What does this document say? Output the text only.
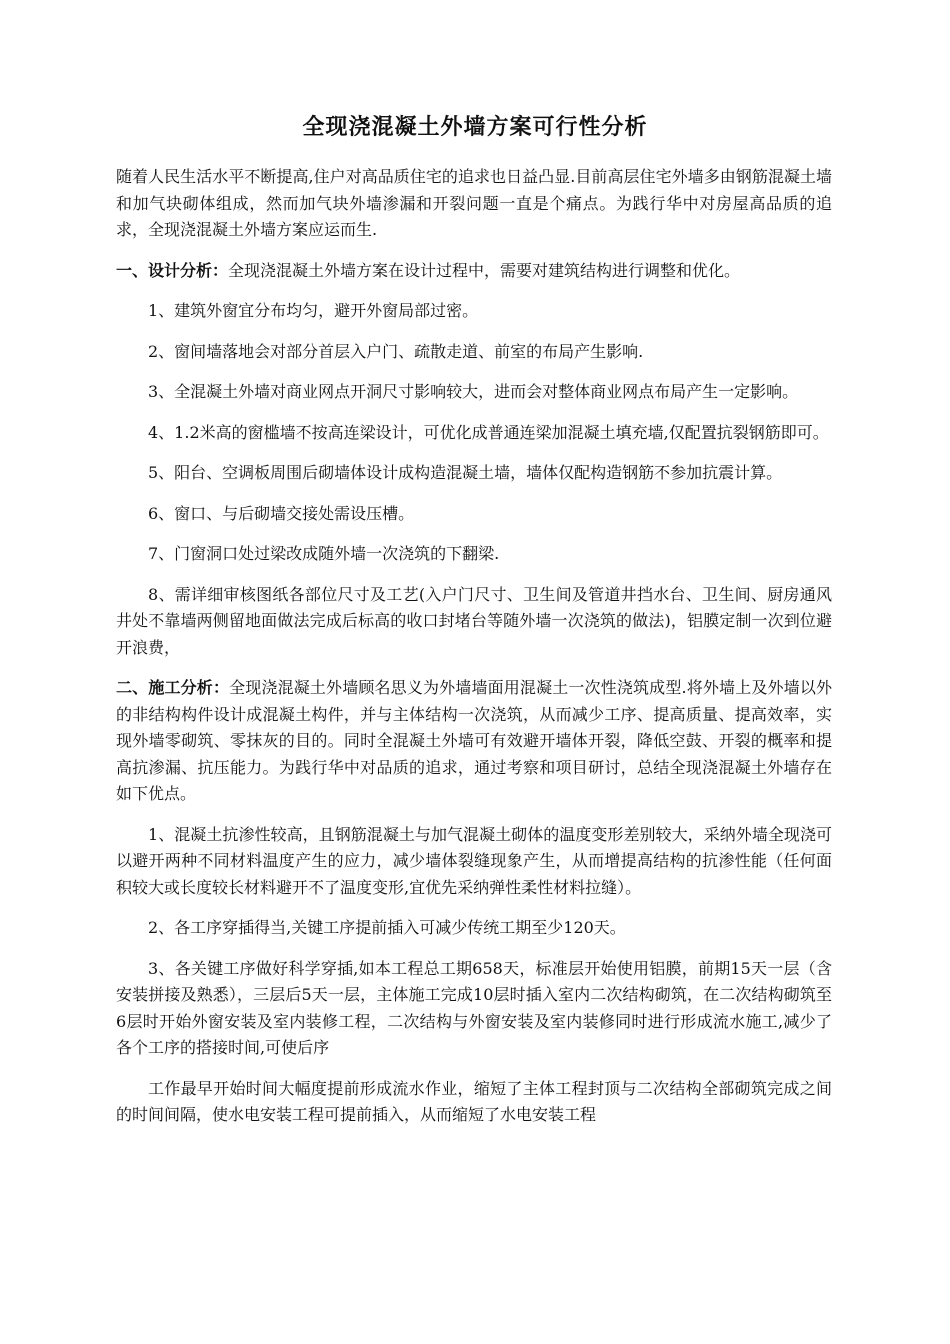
全现浇混凝土外墙方案可行性分析

随着人民生活水平不断提高,住户对高品质住宅的追求也日益凸显.目前高层住宅外墙多由钢筋混凝土墙和加气块砌体组成，然而加气块外墙渗漏和开裂问题一直是个痛点。为践行华中对房屋高品质的追求，全现浇混凝土外墙方案应运而生.

一、设计分析：全现浇混凝土外墙方案在设计过程中，需要对建筑结构进行调整和优化。

1、建筑外窗宜分布均匀，避开外窗局部过密。

2、窗间墙落地会对部分首层入户门、疏散走道、前室的布局产生影响.

3、全混凝土外墙对商业网点开洞尺寸影响较大，进而会对整体商业网点布局产生一定影响。

4、1.2米高的窗槛墙不按高连梁设计，可优化成普通连梁加混凝土填充墙,仅配置抗裂钢筋即可。

5、阳台、空调板周围后砌墙体设计成构造混凝土墙，墙体仅配构造钢筋不参加抗震计算。

6、窗口、与后砌墙交接处需设压槽。

7、门窗洞口处过梁改成随外墙一次浇筑的下翻梁.

8、需详细审核图纸各部位尺寸及工艺(入户门尺寸、卫生间及管道井挡水台、卫生间、厨房通风井处不靠墙两侧留地面做法完成后标高的收口封堵台等随外墙一次浇筑的做法)，铝膜定制一次到位避开浪费，

二、施工分析：全现浇混凝土外墙顾名思义为外墙墙面用混凝土一次性浇筑成型.将外墙上及外墙以外的非结构构件设计成混凝土构件，并与主体结构一次浇筑，从而减少工序、提高质量、提高效率，实现外墙零砌筑、零抹灰的目的。同时全混凝土外墙可有效避开墙体开裂，降低空鼓、开裂的概率和提高抗渗漏、抗压能力。为践行华中对品质的追求，通过考察和项目研讨，总结全现浇混凝土外墙存在如下优点。

1、混凝土抗渗性较高，且钢筋混凝土与加气混凝土砌体的温度变形差别较大，采纳外墙全现浇可以避开两种不同材料温度产生的应力，减少墙体裂缝现象产生，从而增提高结构的抗渗性能（任何面积较大或长度较长材料避开不了温度变形,宜优先采纳弹性柔性材料拉缝）。

2、各工序穿插得当,关键工序提前插入可减少传统工期至少120天。

3、各关键工序做好科学穿插,如本工程总工期658天，标准层开始使用铝膜，前期15天一层（含安装拼接及熟悉），三层后5天一层，主体施工完成10层时插入室内二次结构砌筑，在二次结构砌筑至6层时开始外窗安装及室内装修工程，二次结构与外窗安装及室内装修同时进行形成流水施工,减少了各个工序的搭接时间,可使后序

工作最早开始时间大幅度提前形成流水作业，缩短了主体工程封顶与二次结构全部砌筑完成之间的时间间隔，使水电安装工程可提前插入，从而缩短了水电安装工程
